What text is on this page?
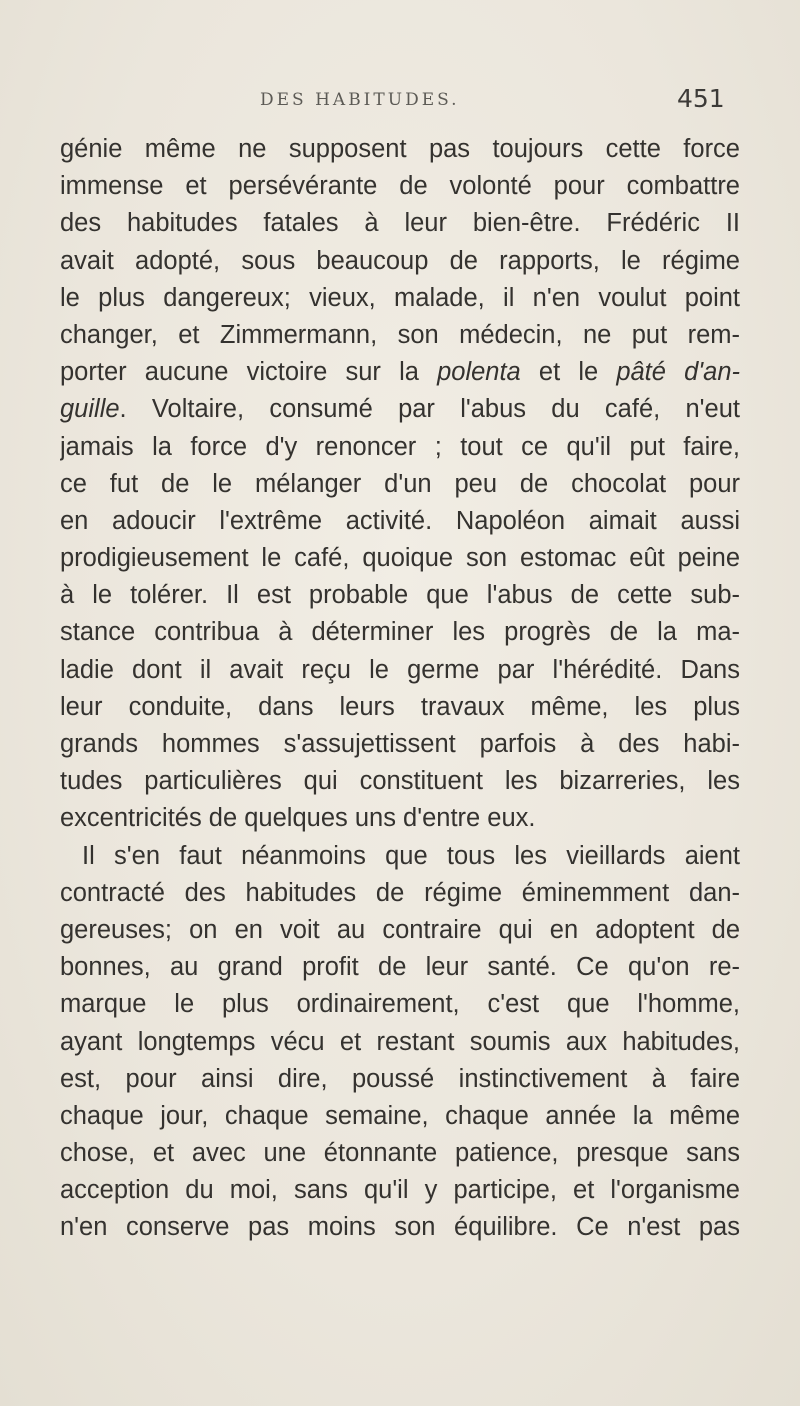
DES HABITUDES.	451
génie même ne supposent pas toujours cette force
immense et persévérante de volonté pour combattre
des habitudes fatales à leur bien-être. Frédéric II
avait adopté, sous beaucoup de rapports, le régime
le plus dangereux; vieux, malade, il n'en voulut point
changer, et Zimmermann, son médecin, ne put rem-
porter aucune victoire sur la polenta et le pâté d'an-
guille. Voltaire, consumé par l'abus du café, n'eut
jamais la force d'y renoncer ; tout ce qu'il put faire,
ce fut de le mélanger d'un peu de chocolat pour
en adoucir l'extrême activité. Napoléon aimait aussi
prodigieusement le café, quoique son estomac eût peine
à le tolérer. Il est probable que l'abus de cette sub-
stance contribua à déterminer les progrès de la ma-
ladie dont il avait reçu le germe par l'hérédité. Dans
leur conduite, dans leurs travaux même, les plus
grands hommes s'assujettissent parfois à des habi-
tudes particulières qui constituent les bizarreries, les
excentricités de quelques uns d'entre eux.
Il s'en faut néanmoins que tous les vieillards aient
contracté des habitudes de régime éminemment dan-
gereuses; on en voit au contraire qui en adoptent de
bonnes, au grand profit de leur santé. Ce qu'on re-
marque le plus ordinairement, c'est que l'homme,
ayant longtemps vécu et restant soumis aux habitudes,
est, pour ainsi dire, poussé instinctivement à faire
chaque jour, chaque semaine, chaque année la même
chose, et avec une étonnante patience, presque sans
acception du moi, sans qu'il y participe, et l'organisme
n'en conserve pas moins son équilibre. Ce n'est pas
